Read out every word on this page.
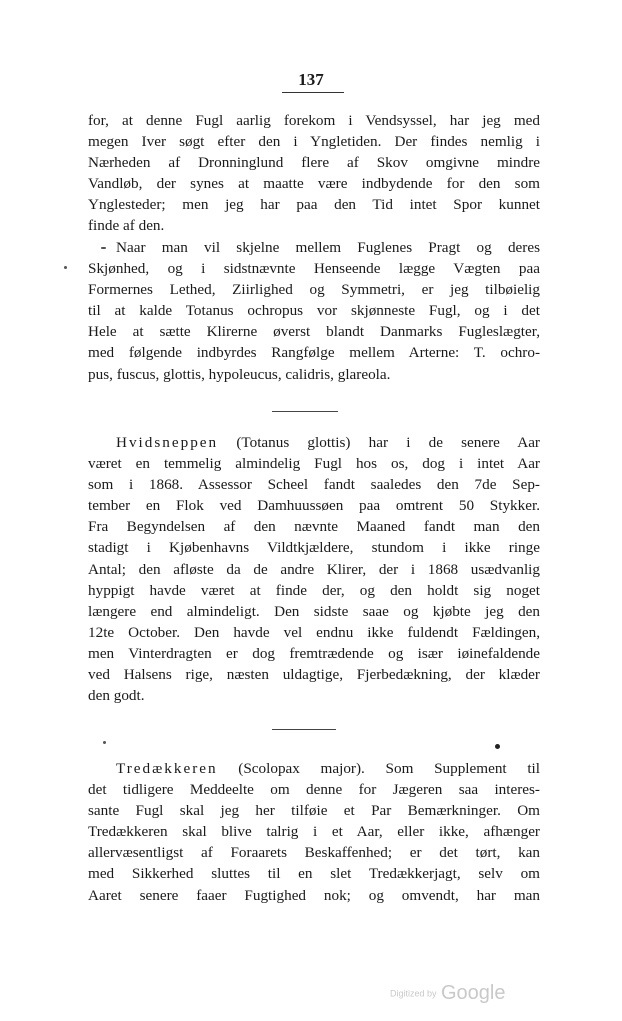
137
for, at denne Fugl aarlig forekom i Vendsyssel, har jeg med
megen Iver søgt efter den i Yngletiden. Der findes nemlig i
Nærheden af Dronninglund flere af Skov omgivne mindre
Vandløb, der synes at maatte være indbydende for den som
Ynglesteder; men jeg har paa den Tid intet Spor kunnet
finde af den.
Naar man vil skjelne mellem Fuglenes Pragt og deres
Skjønhed, og i sidstnævnte Henseende lægge Vægten paa
Formernes Lethed, Ziirlighed og Symmetri, er jeg tilbøielig
til at kalde Totanus ochropus vor skjønneste Fugl, og i det
Hele at sætte Klirerne øverst blandt Danmarks Fugleslægter,
med følgende indbyrdes Rangfølge mellem Arterne: T. ochro-
pus, fuscus, glottis, hypoleucus, calidris, glareola.
Hvidsneppen (Totanus glottis) har i de senere Aar
været en temmelig almindelig Fugl hos os, dog i intet Aar
som i 1868. Assessor Scheel fandt saaledes den 7de Sep-
tember en Flok ved Damhuussøen paa omtrent 50 Stykker.
Fra Begyndelsen af den nævnte Maaned fandt man den
stadigt i Kjøbenhavns Vildtkjældere, stundom i ikke ringe
Antal; den afløste da de andre Klirer, der i 1868 usædvanlig
hyppigt havde været at finde der, og den holdt sig noget
længere end almindeligt. Den sidste saae og kjøbte jeg den
12te October. Den havde vel endnu ikke fuldendt Fældingen,
men Vinterdragten er dog fremtrædende og især iøinefaldende
ved Halsens rige, næsten uldagtige, Fjerbedækning, der klæder
den godt.
Tredækkeren (Scolopax major). Som Supplement til
det tidligere Meddeelte om denne for Jægeren saa interes-
sante Fugl skal jeg her tilføie et Par Bemærkninger. Om
Tredækkeren skal blive talrig i et Aar, eller ikke, afhænger
allervæsentligst af Foraarets Beskaffenhed; er det tørt, kan
med Sikkerhed sluttes til en slet Tredækkerjagt, selv om
Aaret senere faaer Fugtighed nok; og omvendt, har man
Digitized by Google
